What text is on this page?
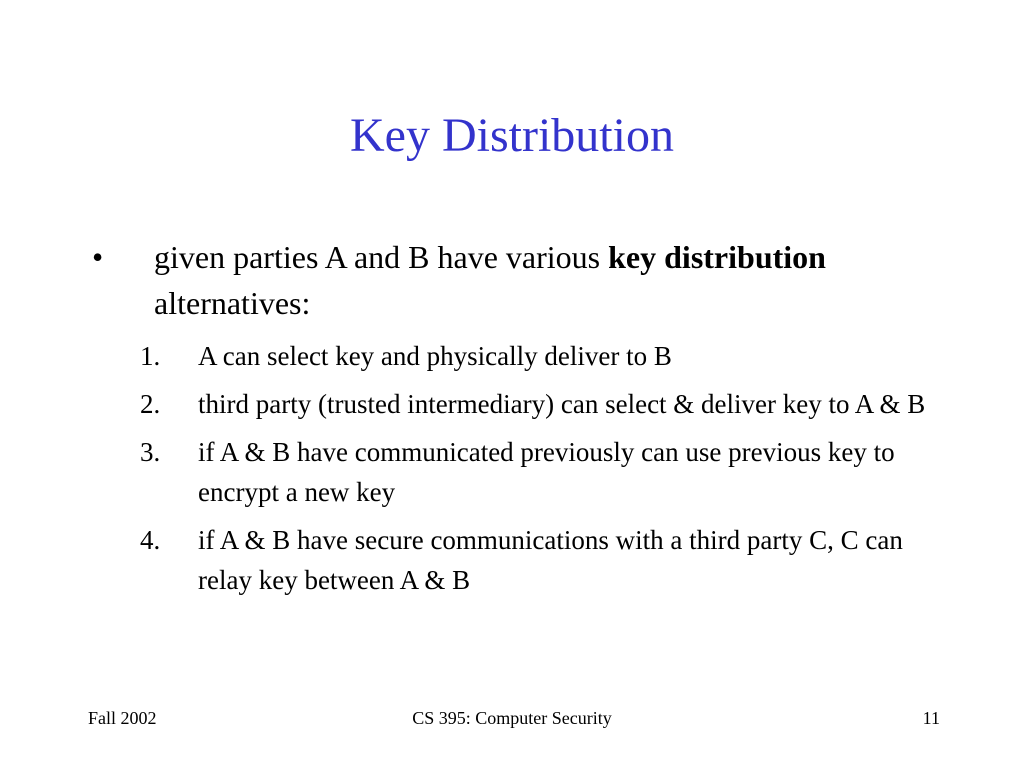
Key Distribution
• given parties A and B have various key distribution alternatives:
1. A can select key and physically deliver to B
2. third party (trusted intermediary) can select & deliver key to A & B
3. if A & B have communicated previously can use previous key to encrypt a new key
4. if A & B have secure communications with a third party C, C can relay key between A & B
Fall 2002	CS 395: Computer Security	11
